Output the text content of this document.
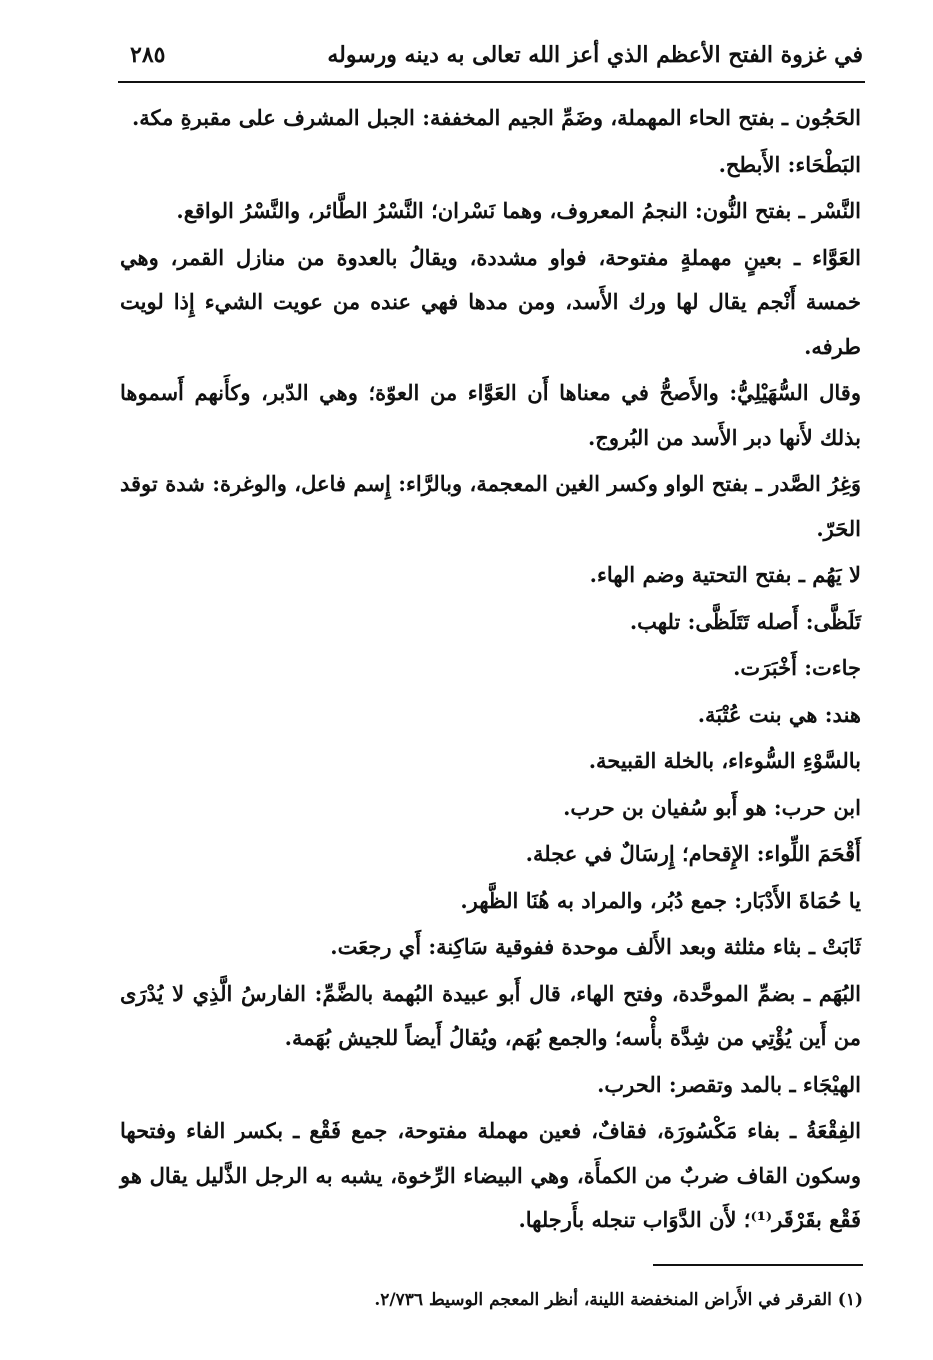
في غزوة الفتح الأعظم الذي أعز الله تعالى به دينه ورسوله
٢٨٥

الحَجُون ـ بفتح الحاء المهملة، وضَمِّ الجيم المخففة: الجبل المشرف على مقبرةِ مكة.

البَطْحَاء: الأَبطح.

النَّسْر ـ بفتح النُّون: النجمُ المعروف، وهما نَسْران؛ النَّسْرُ الطَّائر، والنَّسْرُ الواقع.

العَوَّاء ـ بعينٍ مهملةٍ مفتوحة، فواو مشددة، ويقالُ بالعدوة من منازل القمر، وهي خمسة أَنْجم يقال لها ورك الأَسد، ومن مدها فهي عنده من عويت الشيء إِذا لويت طرفه.

وقال السُّهَيْلِيُّ: والأَصحُّ في معناها أَن العَوَّاء من العوّة؛ وهي الدّبر، وكأَنهم أَسموها بذلك لأَنها دبر الأَسد من البُروج.

وَغِرُ الصَّدر ـ بفتح الواو وكسر الغين المعجمة، وبالرَّاء: إِسم فاعل، والوغرة: شدة توقد الحَرّ.

لا يَهُم ـ بفتح التحتية وضم الهاء.

تَلَظَّى: أَصله تَتَلَظَّى: تلهب.

جاءت: أَخْبَرَت.

هند: هي بنت عُتْبَة.

بالسَّوْءِ السُّوءاء، بالخلة القبيحة.

ابن حرب: هو أَبو سُفيان بن حرب.

أَقْحَمَ اللِّواء: الإِقحام؛ إِرسَالٌ في عجلة.

يا حُمَاةَ الأَدْبَار: جمع دُبُر، والمراد به هُنَا الظَّهر.

ثَابَتْ ـ بثاء مثلثة وبعد الأَلف موحدة ففوقية سَاكِنة: أَي رجعَت.

البُهَم ـ بضمِّ الموحَّدة، وفتح الهاء، قال أَبو عبيدة البُهمة بالضَّمِّ: الفارسُ الَّذِي لا يُدْرَى من أَين يُؤْتِي من شِدَّة بأْسه؛ والجمع بُهَم، ويُقالُ أَيضاً للجيش بُهَمة.

الهيْجَاء ـ بالمد وتقصر: الحرب.

الفِقْعَةُ ـ بفاء مَكْسُورَة، فقافٌ، فعين مهملة مفتوحة، جمع فَقْع ـ بكسر الفاء وفتحها وسكون القاف ضربٌ من الكمأَة، وهي البيضاء الرِّخوة، يشبه به الرجل الذَّليل يقال هو فَقْع بقَرْقَر⁽¹⁾؛ لأَن الدَّوَاب تنجله بأَرجلها.

(١) القرقر في الأَراض المنخفضة اللينة، أنظر المعجم الوسيط ٢/٧٣٦.
